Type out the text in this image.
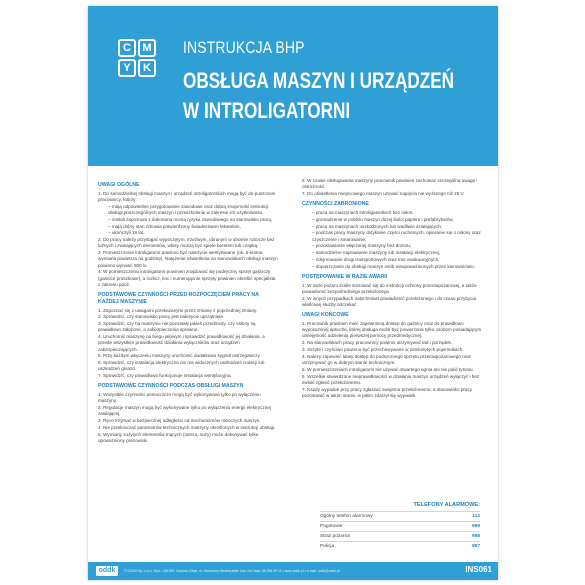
C	M
Y	K
INSTRUKCJA BHP
OBSŁUGA MASZYN I URZĄDZEŃ
W INTROLIGATORNI
UWAGI OGÓLNE
1. Do samodzielnej obsługi maszyn i urządzeń introligatorskich mogą być do-puszczeni pracownicy, którzy:
– mają odpowiednie przygotowanie zawodowe oraz dobrą znajomość instrukcji obsługi poszczególnych maszyn i przeszkolenie w zakresie ich użytkowania,
– zostali zapoznani z dokonaną oceną ryzyka zawodowego na stanowisku pracy,
– mają dobry stan zdrowia potwierdzony świadectwem lekarskim,
– ukończyli 18 lat.
2. Do pracy należy przystąpić wypoczętym, trzeźwym, ubranym w ubranie robocze bez luźnych i zwisających elementów, włosy muszą być spięte beretem lub czapką.
3. Pomieszczenie introligatorni powinno być należycie wentylowane (ok. 6-krotna wymiana powietrza na godzinę). Natężenie oświetlenia na stanowiskach obsługi maszyn powinno wynosić 500 lx.
4. W pomieszczeniu introligatorni powinien znajdować się podręczny sprzęt gaśniczy (gaśnice proszkowe), a rozlicz, koc i numerującnie sprzęty powinien określić specjalista z zakresu ppoż.
PODSTAWOWE CZYNNOŚCI PRZED ROZPOCZĘCIEM PRACY NA KAŻDEJ MASZYNIE
1. Zapoznać się z uwagami przekazanymi przez zmianę z poprzedniej zmiany.
2. Sprawdzić, czy stanowisko pracy jest należycie uprzątnięte.
3. Sprawdzić, czy na maszynie nie pozostały jakieś przedmioty, czy osłony są prawidłowo założone, a zabezpieczenia sprawne.
4. Uruchomić maszynę na biegu jałowym i sprawdzić prawidłowość jej działania, a przede wszystkim prawidłowość działania wyłączników oraz urządzeń zabezpieczających.
5. Przy każdym włączeniu maszyny uruchomić dodatkowo sygnał ostrzegawczy.
6. Sprawdzić, czy instalacja elektryczna nie ma widocznych uszkodzeń izolacji lub uszkodzeń gniazd.
7. Sprawdzić, czy prawidłowo funkcjonuje instalacja wentylacyjna.
PODSTAWOWE CZYNNOŚCI PODCZAS OBSŁUGI MASZYN
1. Wszystkie czynności pomocnicze mogą być wykonywane tylko po wyłączeniu maszyny.
2. Regulacje maszyn mogą być wykonywane tylko po wyłączeniu energii elektrycznej zasilającej.
3. Ręce trzymać w bezpiecznej odległości od mechanizmów roboczych maszyn.
4. Nie przekraczać parametrów technicznych maszyny określonych w instrukcji obsługi.
5. Wymiany zużytych elementów tnących (ostrza, noży) może dokonywać tylko upoważniony pracownik.
6. W czasie obsługiwania maszyny pracownik powinien zachować szczególną uwagę i ostrożność.
7. Do oświetlenia miejscowego maszyn używać napięcia nie wyższego niż 25 V.
CZYNNOŚCI ZABRONIONE
– praca na maszynach introligatorskich bez osłon,
– gromadzenie w pobliżu maszyn dużej ilości papieru i prefabrykatów,
– praca na maszynach uszkodzonych lub wadliwie działających,
– podczas pracy maszyny dotykanie części ruchomych, opieranie się o osłony oraz czyszczenie i smarowanie,
– pozostawianie włączonej maszyny bez dozoru,
– samodzielne naprawianie maszyny lub instalacji elektrycznej,
– zdejmowanie drogi transportowych oraz tras ewakuacyjnych,
– dopuszczanie do obsługi maszyn osób nieupoważnionych przez kierownictwo.
POSTĘPOWANIE W RAZIE AWARII
1. W razie pożaru ściśle stosować się do instrukcji ochrony przeciwpożarowej, a także powiadomić bezpośredniego przełożonego.
2. W innych przypadkach natychmiast powiadomić przełożonego i do czasu przybycia właściwej służby odczekać.
UWAGI KOŃCOWE
1. Pracownik powinien mieć zapewnioną dostęp do gaśnicy oraz do prawidłowo wyposażonej apteczki, której obsługa może być powierzona tylko osobom posiadającym umiejętność udzielenia pierwszej pomocy przedmedycznej.
2. Na stanowiskach pracy pracownicy powinni utrzymywać ład i porządek.
3. Zużyte i czyściwo powinno być przechowywane w zamkniętych pojemnikach.
4. Należy zapewnić łatwy dostęp do podręcznego sprzętu przeciwpożarowego oraz utrzymywać go w dobrym stanie technicznym.
5. W pomieszczeniach introligatorni nie używać otwartego ognia ani nie palić tytoniu.
6. Wszelkie stwierdzone nieprawidłowości w działaniu maszyn urządzeń wyłączyć i bez zwłoki zgłosić przełożonemu.
7. Każdy wypadek przy pracy zgłaszać swojemu przełożonemu, a stanowisko pracy pozostawić w takim stanie, w jakim zdarzył się wypadek.
TELEFONY ALARMOWE:
Ogólny telefon alarmowy	112
Pogotowie	999
Straż pożarna	998
Policja	997
oddk	© ODDK Sp. z o.o. Sp.k. • 80-557 Gdańsk-Oliwa, ul. Obrońców Westerplatte 11A • tel./faks: 58 554 29 11 • www.oddk.pl • e-mail: oddk@oddk.pl	INS061
